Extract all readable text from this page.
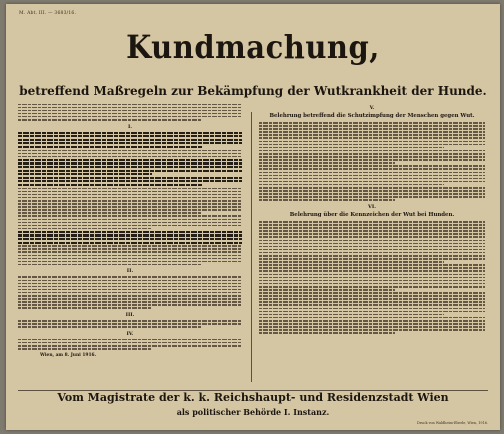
M. Abt. III. — 3683/16.
Kundmachung,
betreffend Maßregeln zur Bekämpfung der Wutkrankheit der Hunde.
I.
II.
III.
IV.
Wien, am 8. Juni 1916.
V.
Belehrung betreffend die Schutzimpfung der Menschen gegen Wut.
VI.
Belehrung über die Kennzeichen der Wut bei Hunden.
Vom Magistrate der k. k. Reichshaupt- und Residenzstadt Wien
als politischer Behörde I. Instanz.
Druck von Waldheim-Eberle, Wien, 1916.
